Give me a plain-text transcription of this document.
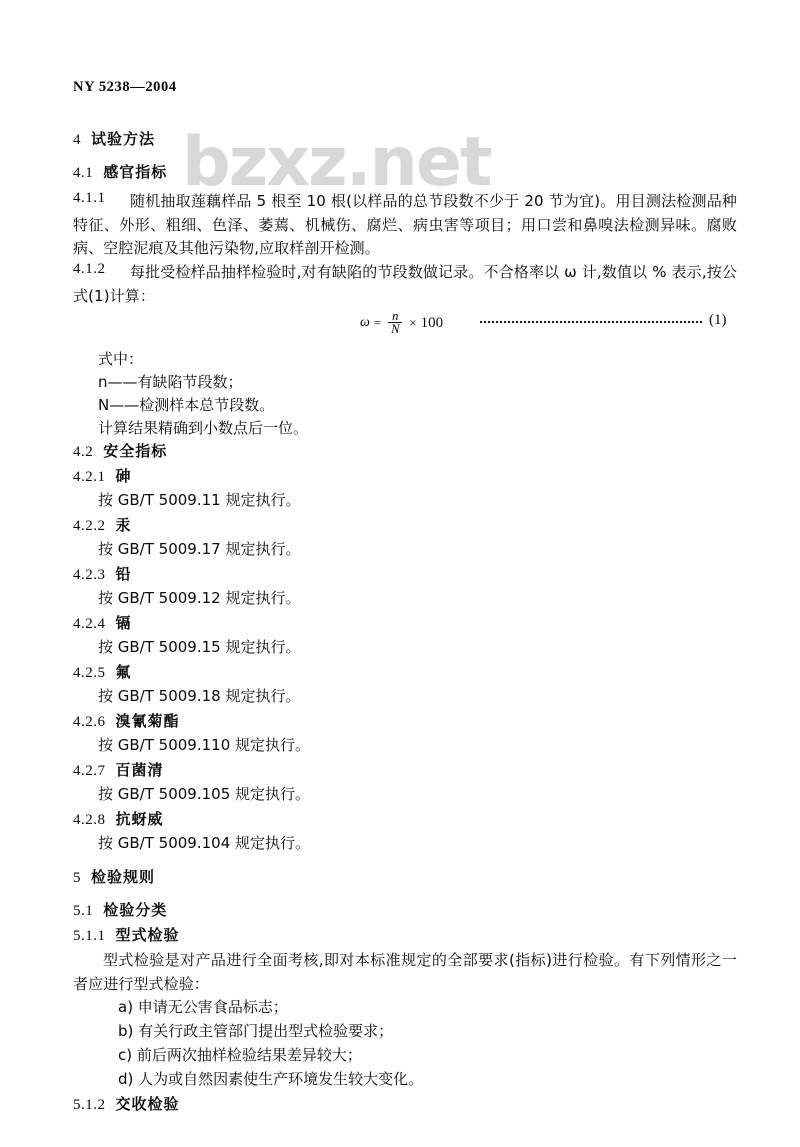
bzxz.net
NY 5238—2004
4 试验方法
4.1 感官指标
4.1.1	随机抽取莲藕样品 5 根至 10 根(以样品的总节段数不少于 20 节为宜)。用目测法检测品种特征、外形、粗细、色泽、萎蔫、机械伤、腐烂、病虫害等项目；用口尝和鼻嗅法检测异味。腐败病、空腔泥痕及其他污染物,应取样剖开检测。
4.1.2	每批受检样品抽样检验时,对有缺陷的节段数做记录。不合格率以 ω 计,数值以 % 表示,按公式(1)计算：
$\omega = \frac{n}{N} \times 100$	(1)
式中：
n——有缺陷节段数；
N——检测样本总节段数。
计算结果精确到小数点后一位。
4.2 安全指标
4.2.1 砷
按 GB/T 5009.11 规定执行。
4.2.2 汞
按 GB/T 5009.17 规定执行。
4.2.3 铅
按 GB/T 5009.12 规定执行。
4.2.4 镉
按 GB/T 5009.15 规定执行。
4.2.5 氟
按 GB/T 5009.18 规定执行。
4.2.6 溴氰菊酯
按 GB/T 5009.110 规定执行。
4.2.7 百菌清
按 GB/T 5009.105 规定执行。
4.2.8 抗蚜威
按 GB/T 5009.104 规定执行。
5 检验规则
5.1 检验分类
5.1.1 型式检验
型式检验是对产品进行全面考核,即对本标准规定的全部要求(指标)进行检验。有下列情形之一者应进行型式检验：
a) 申请无公害食品标志；
b) 有关行政主管部门提出型式检验要求；
c) 前后两次抽样检验结果差异较大；
d) 人为或自然因素使生产环境发生较大变化。
5.1.2 交收检验
